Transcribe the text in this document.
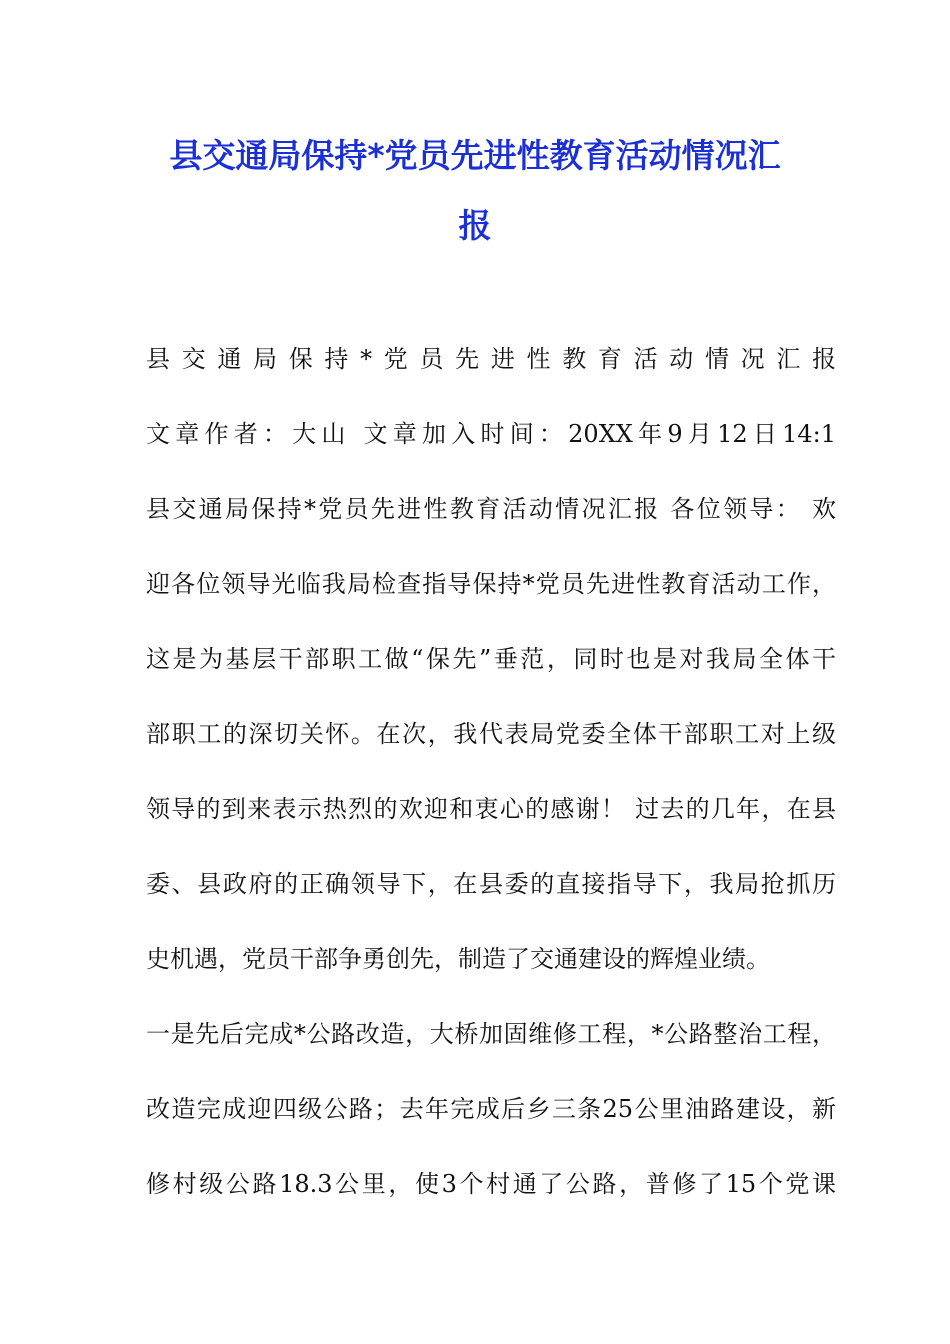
县交通局保持*党员先进性教育活动情况汇
报
县交通局保持*党员先进性教育活动情况汇报
文章作者：大山 文章加入时间：20XX年9月12日14:1
县交通局保持*党员先进性教育活动情况汇报 各位领导： 欢
迎各位领导光临我局检查指导保持*党员先进性教育活动工作，
这是为基层干部职工做“保先”垂范，同时也是对我局全体干
部职工的深切关怀。在次，我代表局党委全体干部职工对上级
领导的到来表示热烈的欢迎和衷心的感谢！ 过去的几年，在县
委、县政府的正确领导下，在县委的直接指导下，我局抢抓历
史机遇，党员干部争勇创先，制造了交通建设的辉煌业绩。
一是先后完成*公路改造，大桥加固维修工程，*公路整治工程，
改造完成迎四级公路；去年完成后乡三条25公里油路建设，新
修村级公路18.3公里，使3个村通了公路，普修了15个党课
